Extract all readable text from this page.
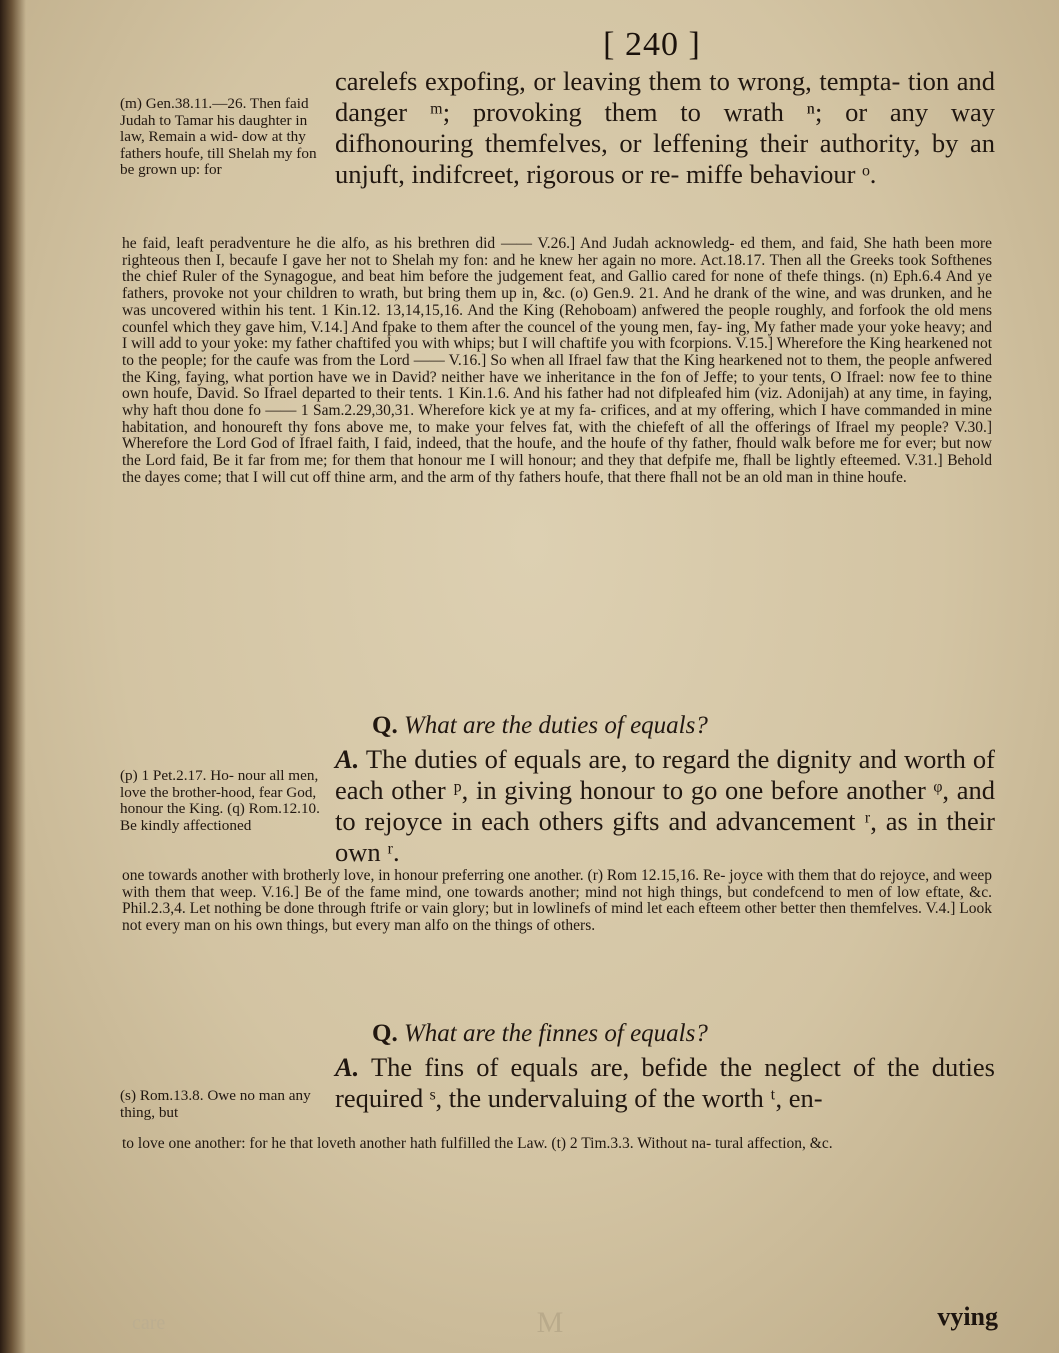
[ 240 ]
carelefs expofing, or leaving them to wrong, tempta- tion and danger ᵐ; provoking them to wrath ⁿ; or any way difhonouring themfelves, or leffening their authority, by an unjuft, indifcreet, rigorous or re- miffe behaviour ᵒ.
(m) Gen.38.11.—26. Then faid Judah to Tamar his daughter in law, Remain a wid- dow at thy fathers houfe, till Shelah my fon be grown up: for
he faid, leaft peradventure he die alfo, as his brethren did —— V.26.] And Judah acknowledg- ed them, and faid, She hath been more righteous then I, becaufe I gave her not to Shelah my fon: and he knew her again no more. Act.18.17. Then all the Greeks took Softhenes the chief Ruler of the Synagogue, and beat him before the judgement feat, and Gallio cared for none of thefe things. (n) Eph.6.4 And ye fathers, provoke not your children to wrath, but bring them up in, &c. (o) Gen.9. 21. And he drank of the wine, and was drunken, and he was uncovered within his tent. 1 Kin.12. 13,14,15,16. And the King (Rehoboam) anfwered the people roughly, and forfook the old mens counfel which they gave him, V.14.] And fpake to them after the councel of the young men, fay- ing, My father made your yoke heavy; and I will add to your yoke: my father chaftifed you with whips; but I will chaftife you with fcorpions. V.15.] Wherefore the King hearkened not to the people; for the caufe was from the Lord —— V.16.] So when all Ifrael faw that the King hearkened not to them, the people anfwered the King, faying, what portion have we in David? neither have we inheritance in the fon of Jeffe; to your tents, O Ifrael: now fee to thine own houfe, David. So Ifrael departed to their tents. 1 Kin.1.6. And his father had not difpleafed him (viz. Adonijah) at any time, in faying, why haft thou done fo —— 1 Sam.2.29,30,31. Wherefore kick ye at my fa- crifices, and at my offering, which I have commanded in mine habitation, and honoureft thy fons above me, to make your felves fat, with the chiefeft of all the offerings of Ifrael my people? V.30.] Wherefore the Lord God of Ifrael faith, I faid, indeed, that the houfe, and the houfe of thy father, fhould walk before me for ever; but now the Lord faid, Be it far from me; for them that honour me I will honour; and they that defpife me, fhall be lightly efteemed. V.31.] Behold the dayes come; that I will cut off thine arm, and the arm of thy fathers houfe, that there fhall not be an old man in thine houfe.
Q. What are the duties of equals?
A. The duties of equals are, to regard the dignity and worth of each other ᵖ, in giving honour to go one before another ᵠ, and to rejoyce in each others gifts and advancement ʳ, as in their own ʳ.
(p) 1 Pet.2.17. Ho- nour all men, love the brother-hood, fear God, honour the King. (q) Rom.12.10. Be kindly affectioned
one towards another with brotherly love, in honour preferring one another. (r) Rom 12.15,16. Re- joyce with them that do rejoyce, and weep with them that weep. V.16.] Be of the fame mind, one towards another; mind not high things, but condefcend to men of low eftate, &c. Phil.2.3,4. Let nothing be done through ftrife or vain glory; but in lowlinefs of mind let each efteem other better then themfelves. V.4.] Look not every man on his own things, but every man alfo on the things of others.
Q. What are the finnes of equals?
A. The fins of equals are, befide the neglect of the duties required ˢ, the undervaluing of the worth ᵗ, en-
(s) Rom.13.8. Owe no man any thing, but
to love one another: for he that loveth another hath fulfilled the Law. (t) 2 Tim.3.3. Without na- tural affection, &c.
care	M	vying
